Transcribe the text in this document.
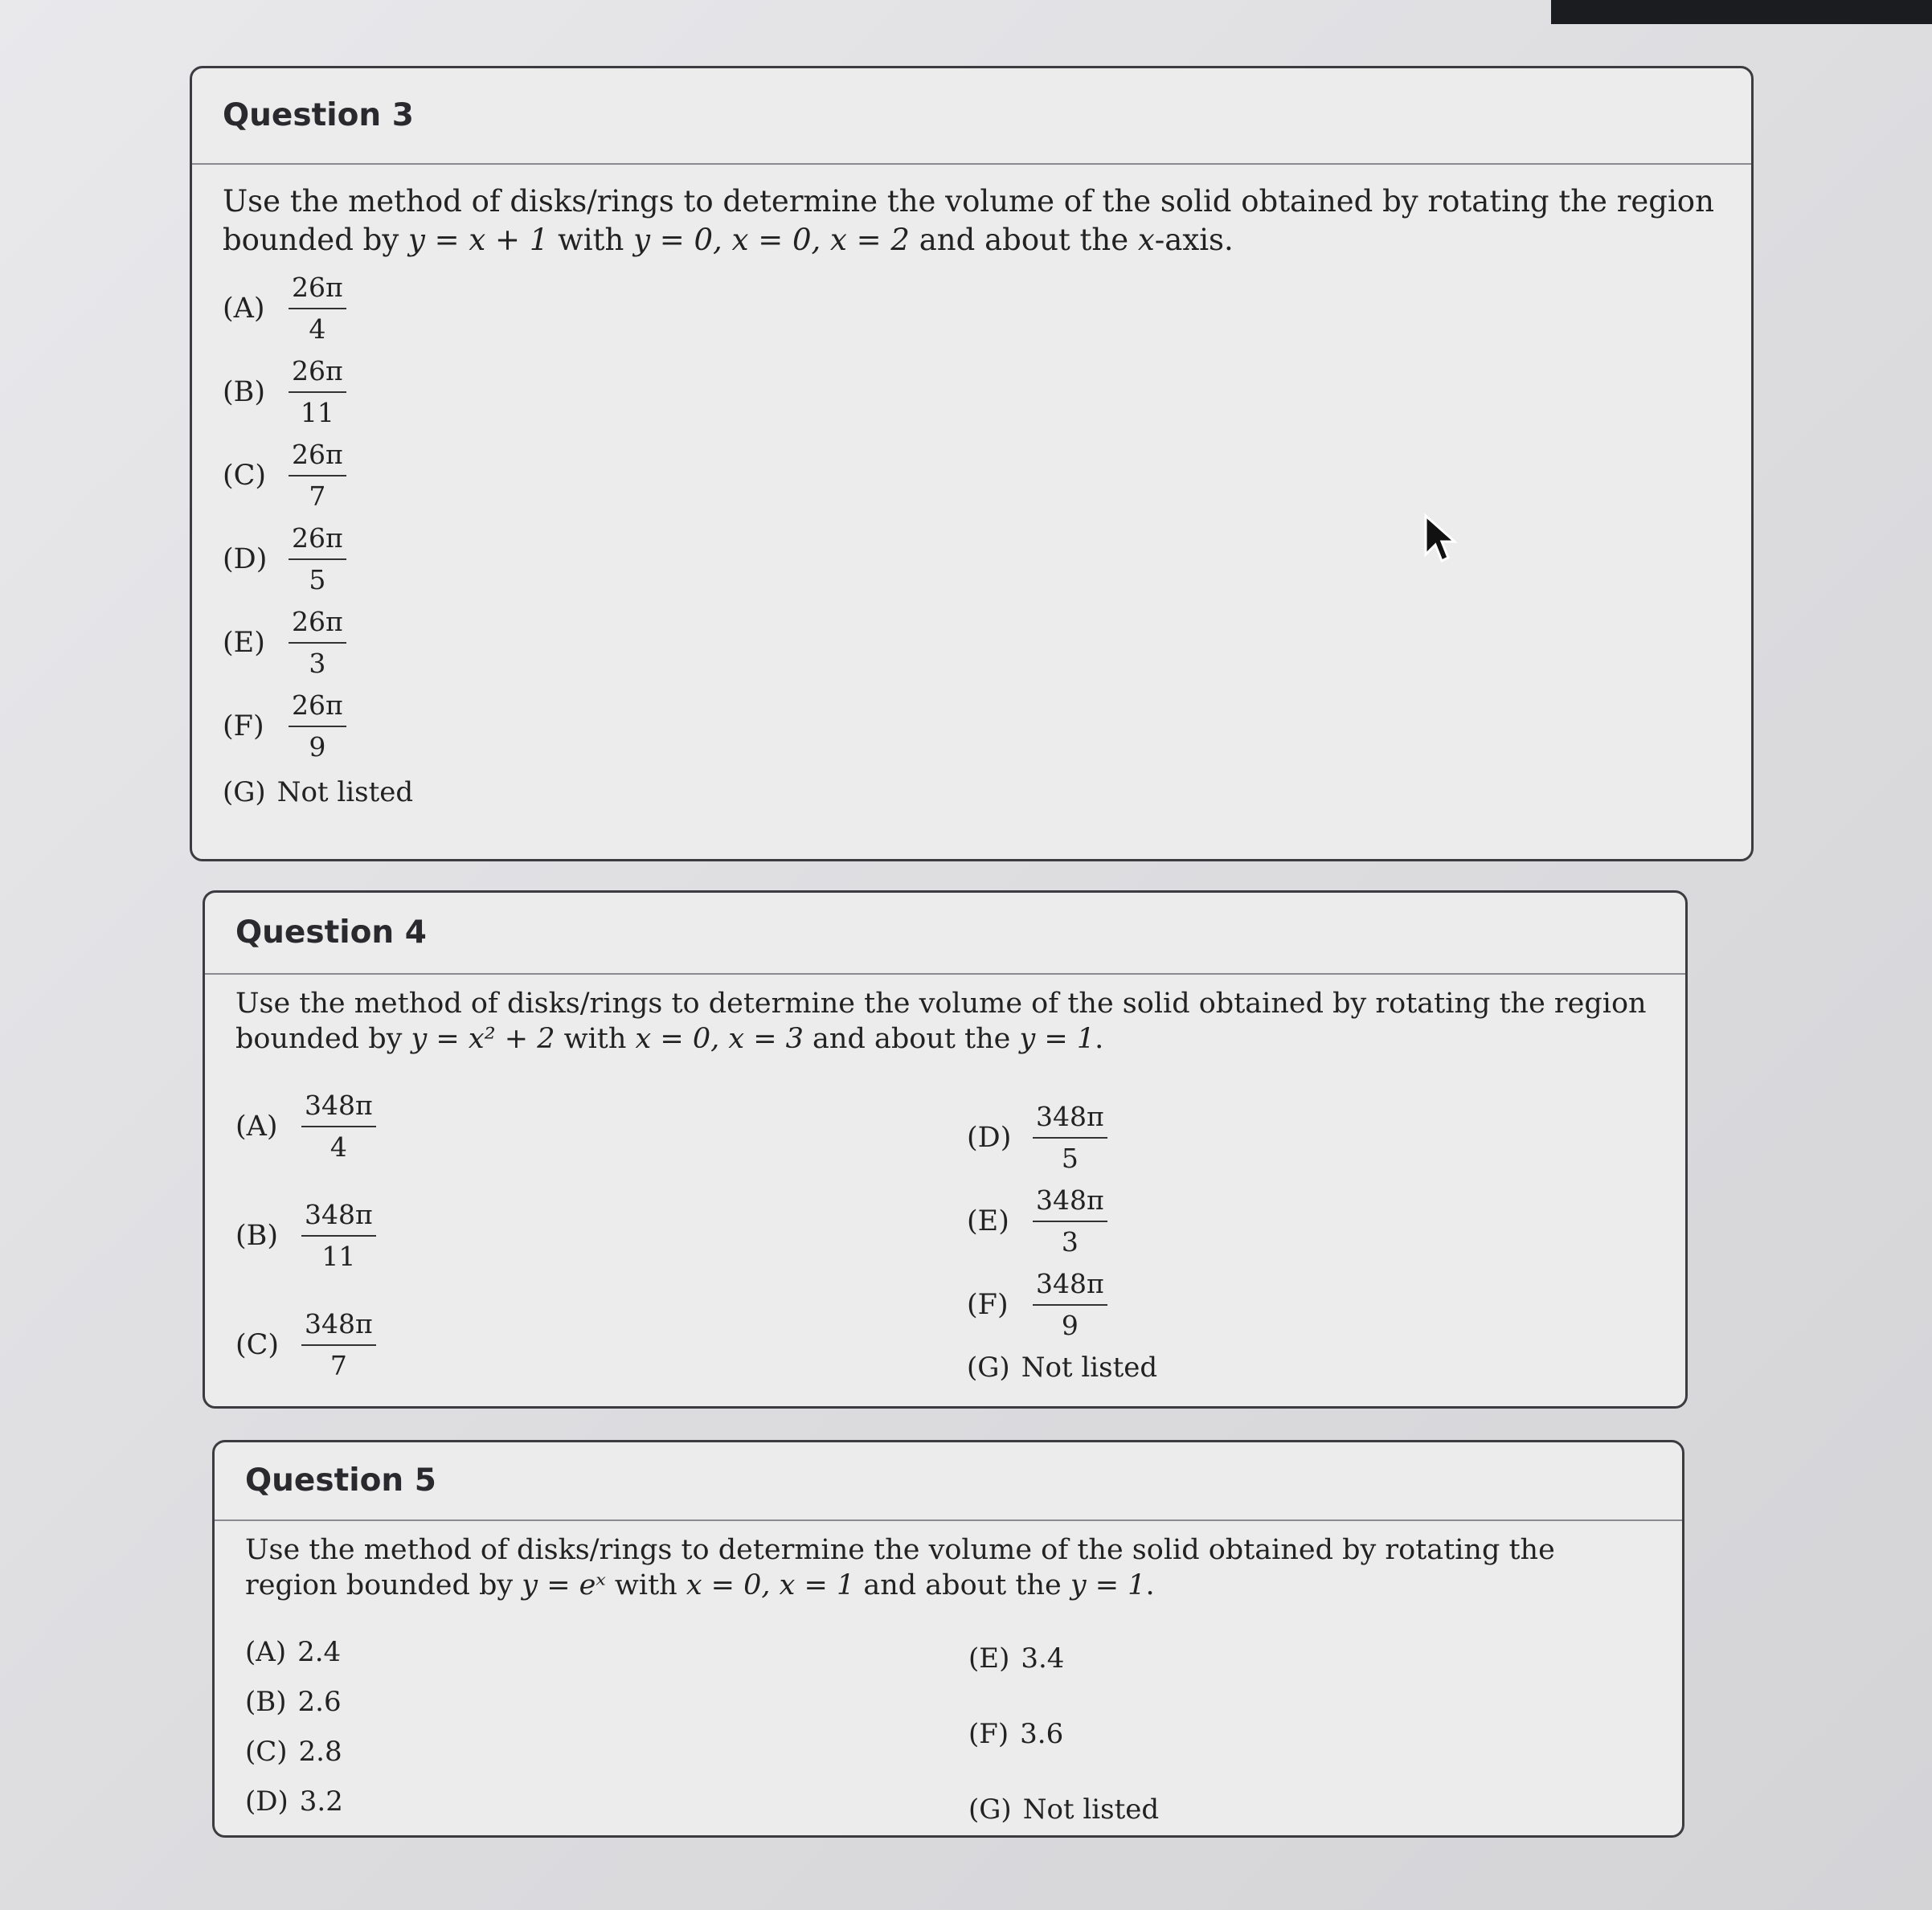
Question 3

Use the method of disks/rings to determine the volume of the solid obtained by rotating the region bounded by y = x + 1 with y = 0, x = 0, x = 2 and about the x-axis.

$(A) \frac{26\pi}{4}$
$(B) \frac{26\pi}{11}$
$(C) \frac{26\pi}{7}$
$(D) \frac{26\pi}{5}$
$(E) \frac{26\pi}{3}$
$(F) \frac{26\pi}{9}$
(G) Not listed
Question 4

Use the method of disks/rings to determine the volume of the solid obtained by rotating the region bounded by y = x² + 2 with x = 0, x = 3 and about the y = 1.

$(A) \frac{348\pi}{4}$
$(B) \frac{348\pi}{11}$
$(C) \frac{348\pi}{7}$
$(D) \frac{348\pi}{5}$
$(E) \frac{348\pi}{3}$
$(F) \frac{348\pi}{9}$
(G) Not listed
Question 5

Use the method of disks/rings to determine the volume of the solid obtained by rotating the region bounded by y = eˣ with x = 0, x = 1 and about the y = 1.

(A) 2.4
(B) 2.6
(C) 2.8
(D) 3.2
(E) 3.4
(F) 3.6
(G) Not listed
